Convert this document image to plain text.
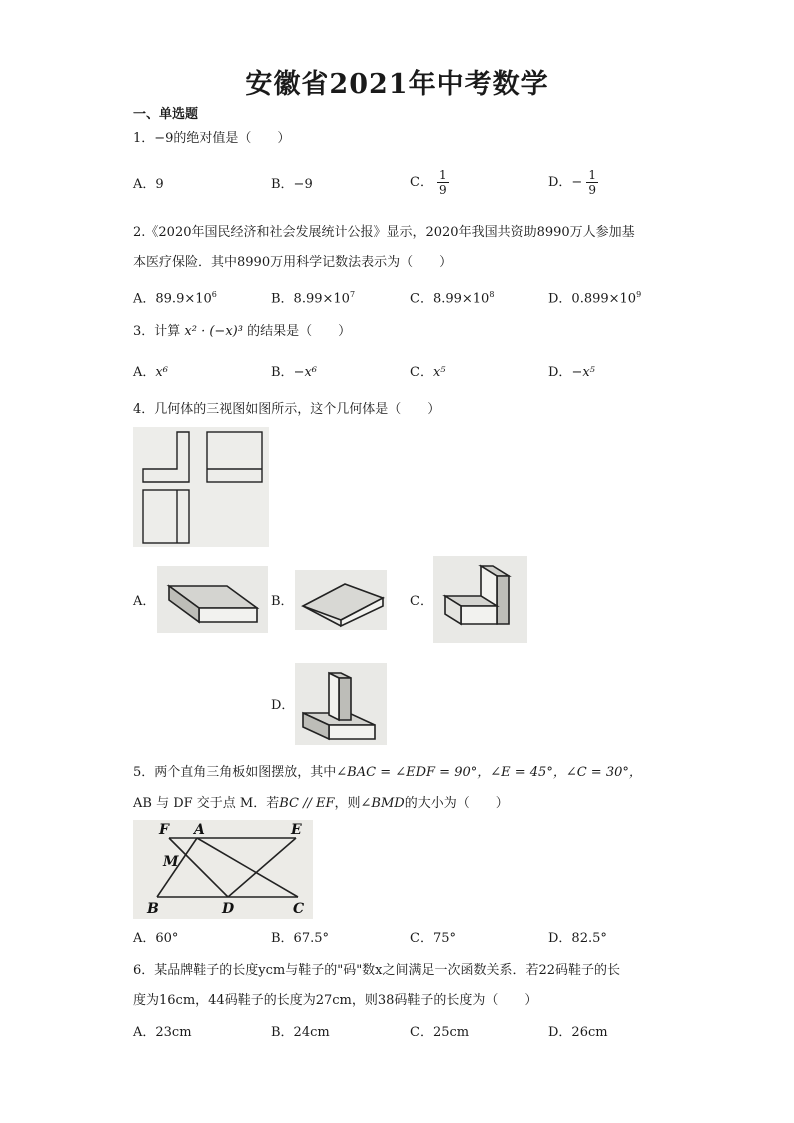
安徽省2021年中考数学
一、单选题
1．−9的绝对值是（　　）
A．9	B．−9	C． $\frac{1}{9}$	D．− $\frac{1}{9}$
2.《2020年国民经济和社会发展统计公报》显示，2020年我国共资助8990万人参加基
本医疗保险．其中8990万用科学记数法表示为（　　）
A．$89.9\times 10^6$	B．$8.99\times 10^7$	C．$8.99\times 10^8$	D．$0.899\times 10^9$
3．计算 x² · (−x)³ 的结果是（　　）
A．x⁶	B．−x⁶	C．x⁵	D．−x⁵
4．几何体的三视图如图所示，这个几何体是（　　）
A．	B．	C．
D．
5．两个直角三角板如图摆放，其中∠BAC = ∠EDF = 90°，∠E = 45°，∠C = 30°，
AB 与 DF 交于点 M．若BC // EF，则∠BMD的大小为（　　）
F A	E
M
B	D	C
A．60°	B．67.5°	C．75°	D．82.5°
6．某品牌鞋子的长度ycm与鞋子的"码"数x之间满足一次函数关系．若22码鞋子的长
度为16cm，44码鞋子的长度为27cm，则38码鞋子的长度为（　　）
A．23cm	B．24cm	C．25cm	D．26cm
